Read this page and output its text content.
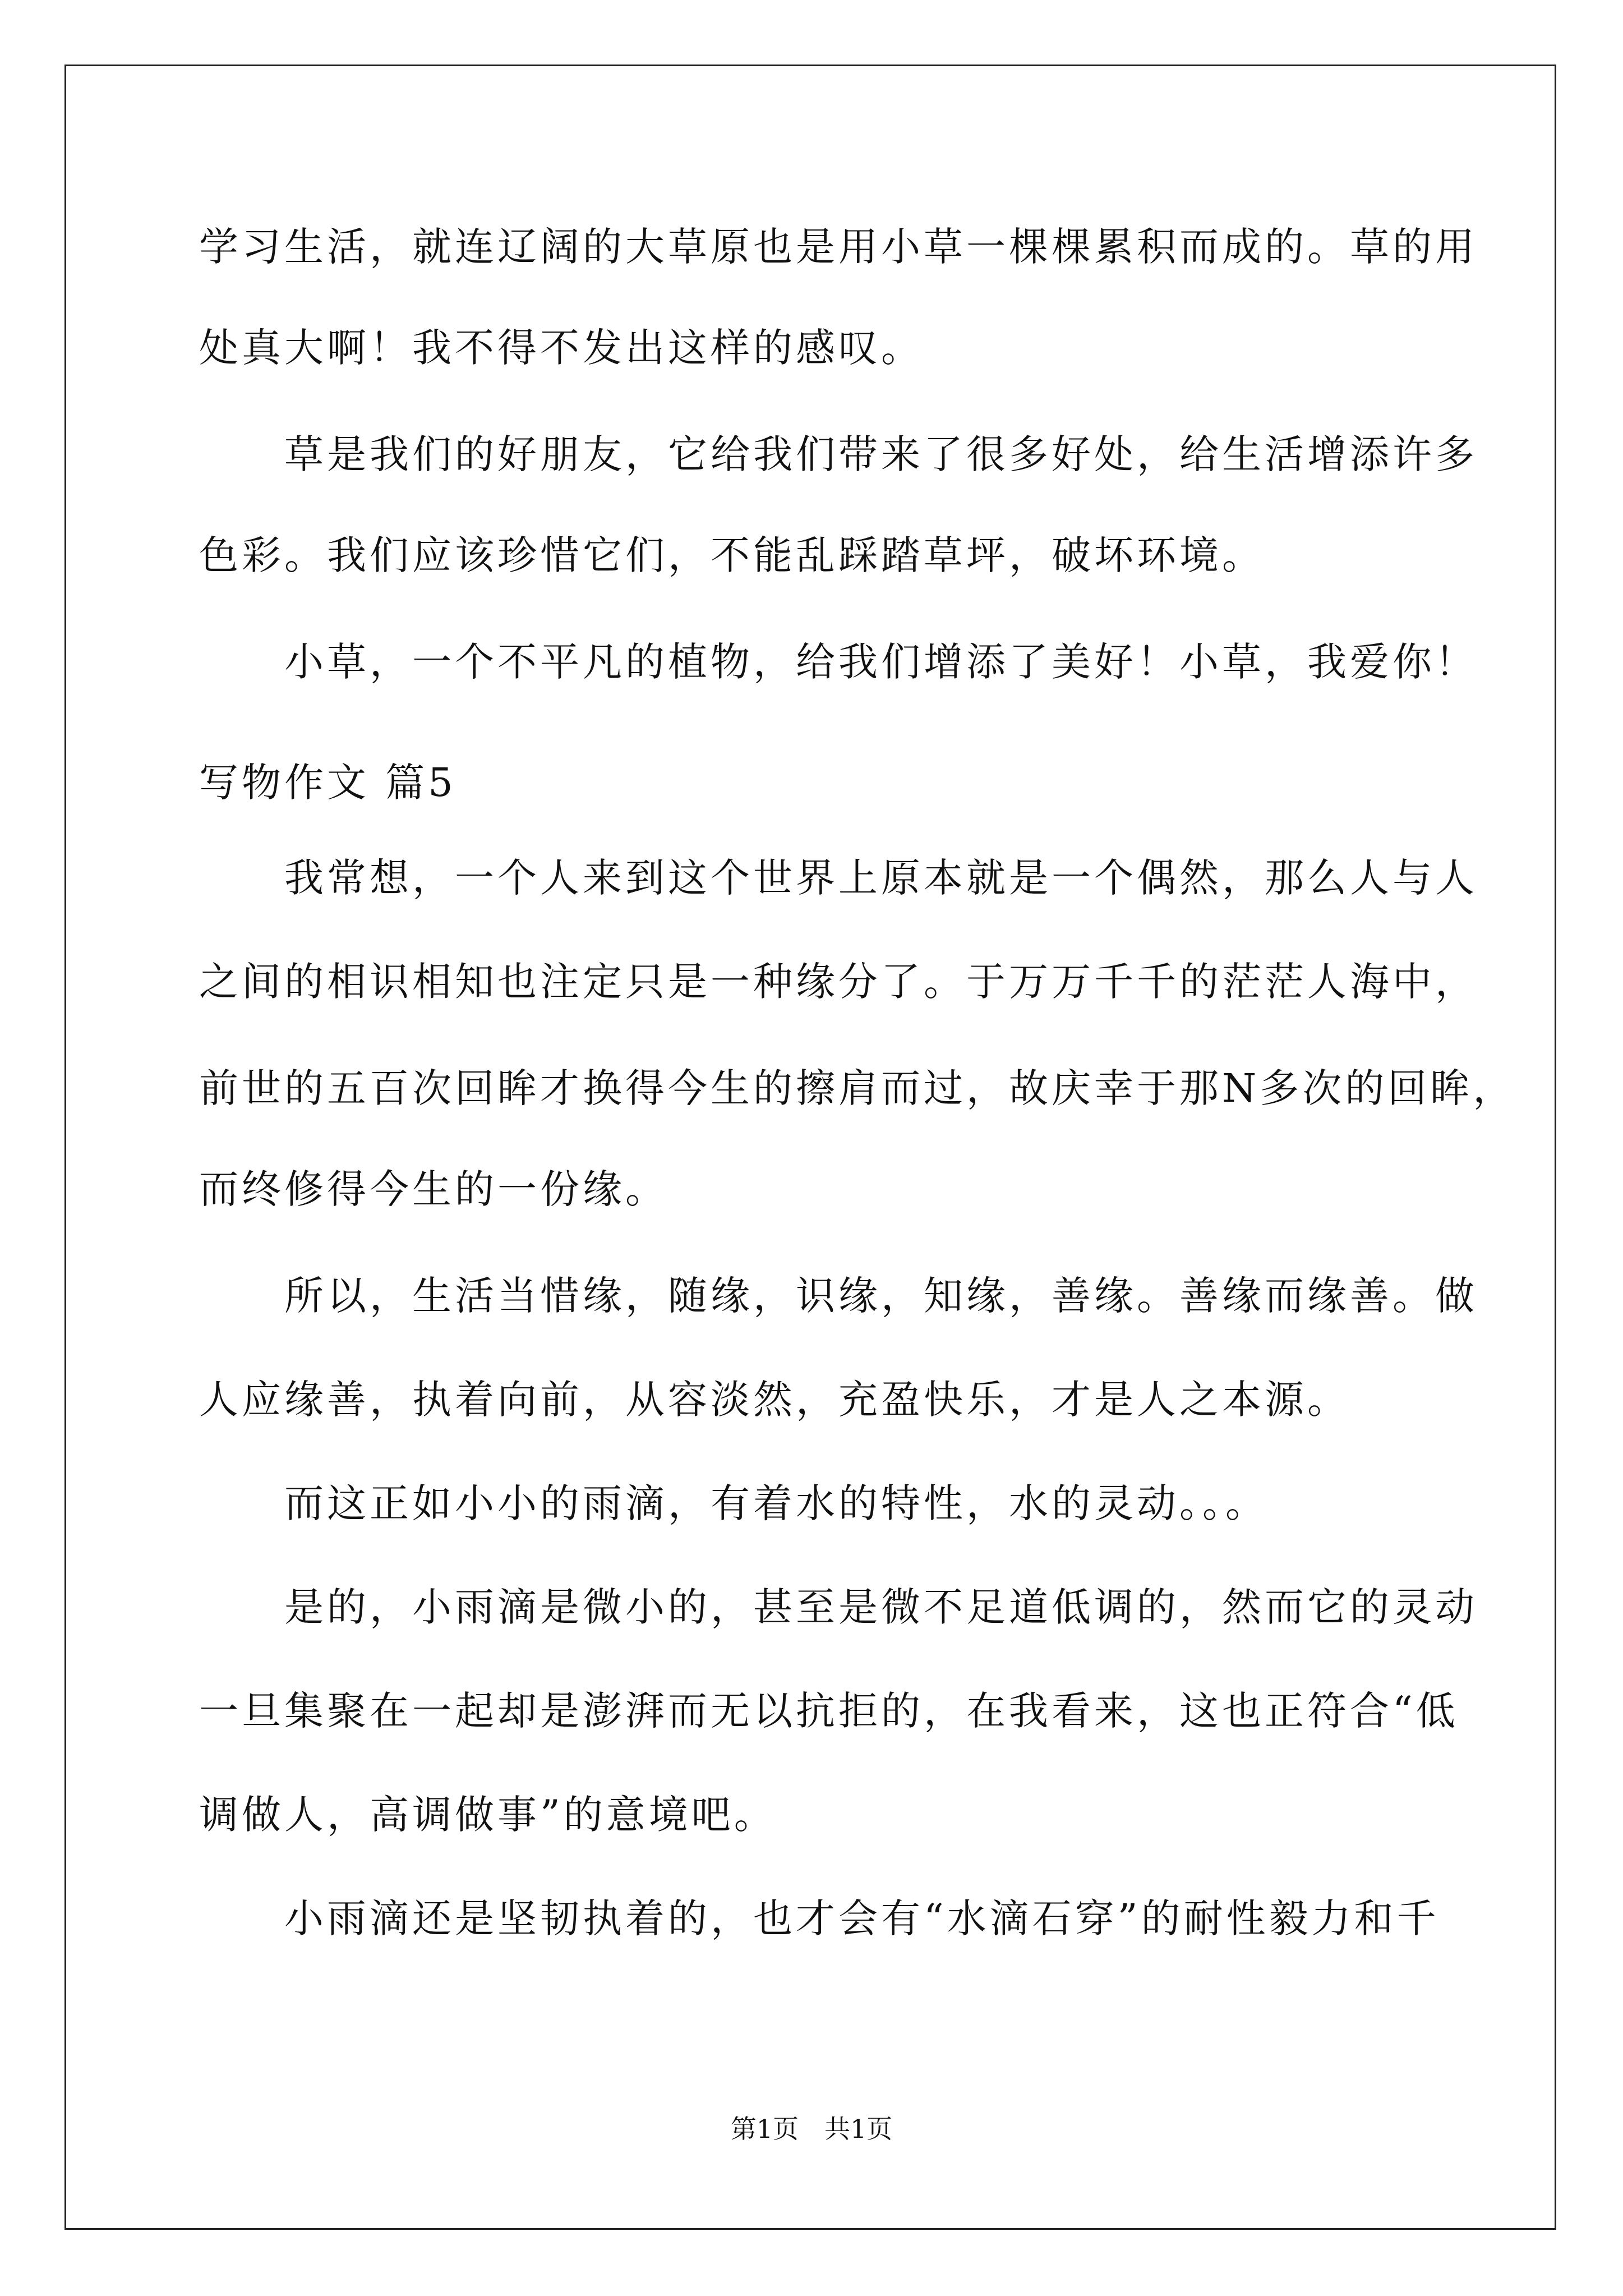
学习生活，就连辽阔的大草原也是用小草一棵棵累积而成的。草的用
处真大啊！我不得不发出这样的感叹。
　　草是我们的好朋友，它给我们带来了很多好处，给生活增添许多
色彩。我们应该珍惜它们，不能乱踩踏草坪，破坏环境。
　　小草，一个不平凡的植物，给我们增添了美好！小草，我爱你！
写物作文 篇5
　　我常想，一个人来到这个世界上原本就是一个偶然，那么人与人
之间的相识相知也注定只是一种缘分了。于万万千千的茫茫人海中，
前世的五百次回眸才换得今生的擦肩而过，故庆幸于那N多次的回眸，
而终修得今生的一份缘。
　　所以，生活当惜缘，随缘，识缘，知缘，善缘。善缘而缘善。做
人应缘善，执着向前，从容淡然，充盈快乐，才是人之本源。
　　而这正如小小的雨滴，有着水的特性，水的灵动。。。
　　是的，小雨滴是微小的，甚至是微不足道低调的，然而它的灵动
一旦集聚在一起却是澎湃而无以抗拒的，在我看来，这也正符合“低
调做人，高调做事”的意境吧。
　　小雨滴还是坚韧执着的，也才会有“水滴石穿”的耐性毅力和千
第1页　共1页
